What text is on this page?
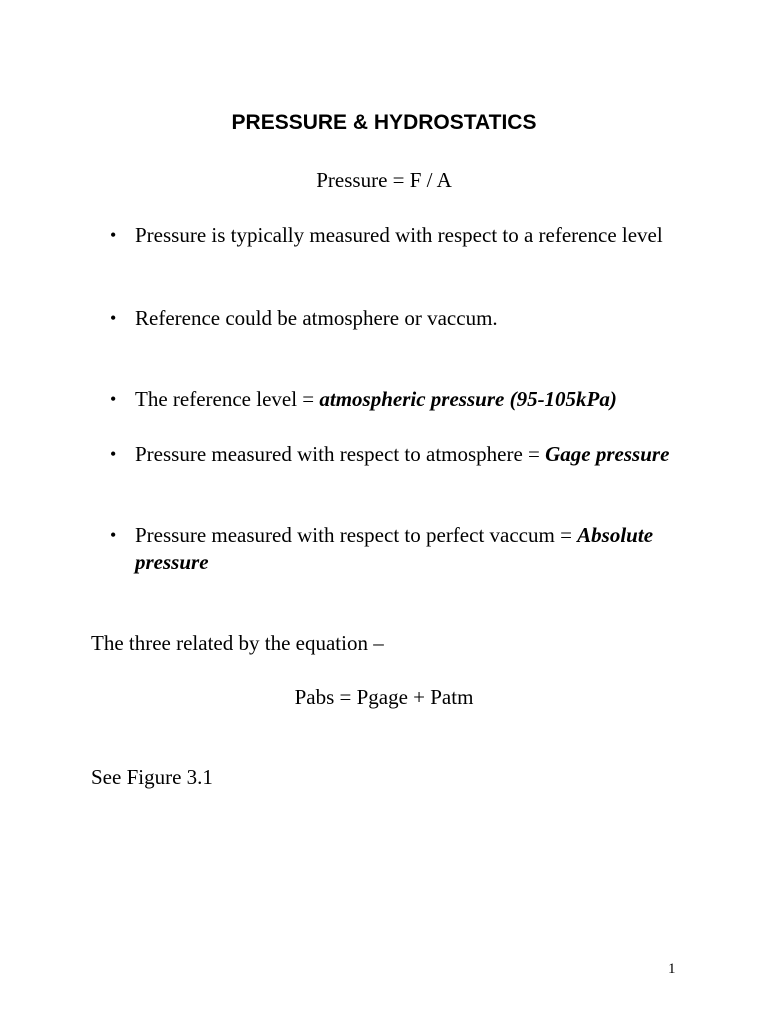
PRESSURE & HYDROSTATICS
Pressure = F / A
• Pressure is typically measured with respect to a reference level
• Reference could be atmosphere or vaccum.
• The reference level = atmospheric pressure (95-105kPa)
• Pressure measured with respect to atmosphere = Gage pressure
• Pressure measured with respect to perfect vaccum = Absolute pressure
The three related by the equation –
Pabs = Pgage + Patm
See Figure 3.1
1
